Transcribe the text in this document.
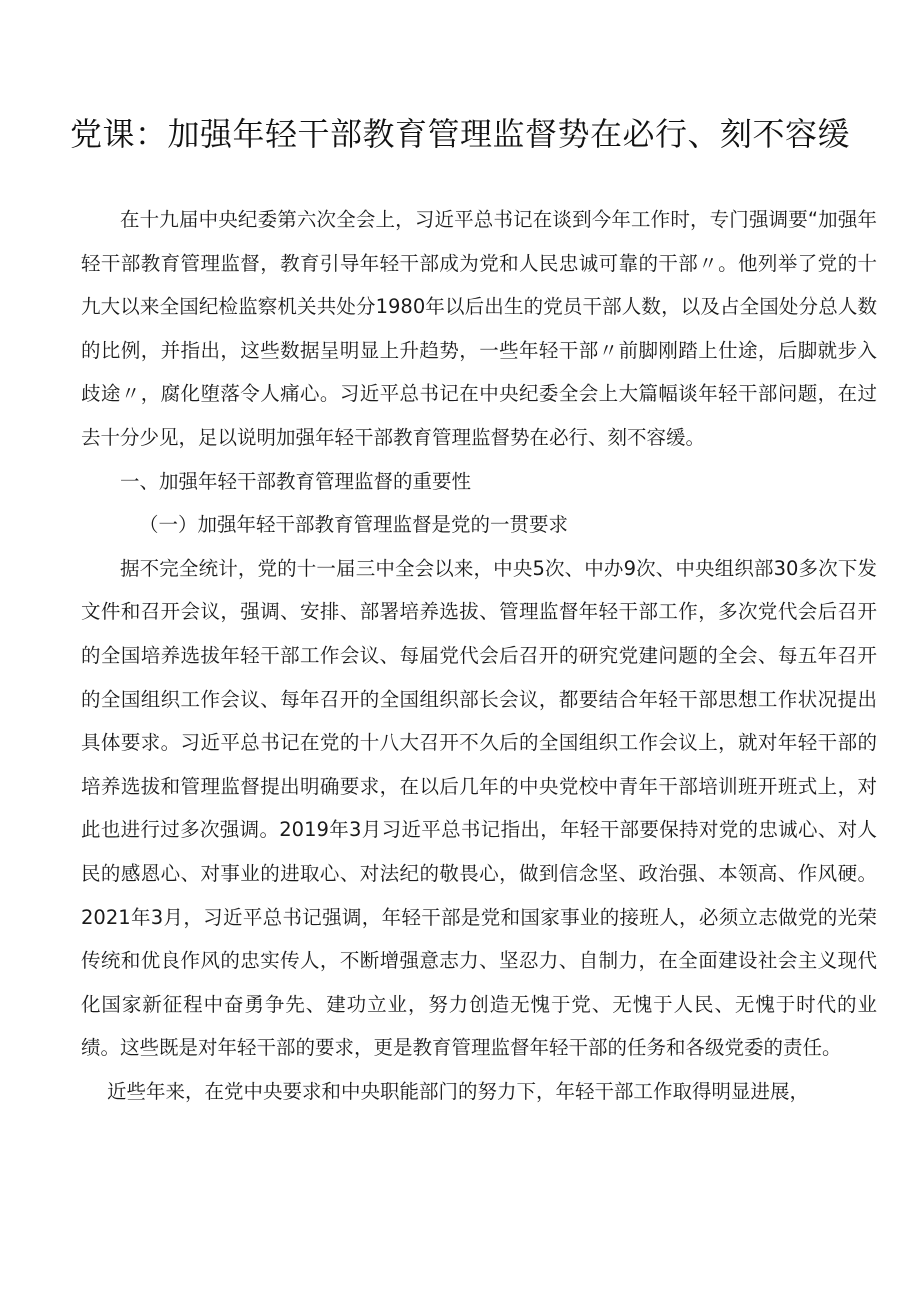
党课：加强年轻干部教育管理监督势在必行、刻不容缓

在十九届中央纪委第六次全会上，习近平总书记在谈到今年工作时，专门强调要“加强年轻干部教育管理监督，教育引导年轻干部成为党和人民忠诚可靠的干部〃。他列举了党的十九大以来全国纪检监察机关共处分1980年以后出生的党员干部人数，以及占全国处分总人数的比例，并指出，这些数据呈明显上升趋势，一些年轻干部〃前脚刚踏上仕途，后脚就步入歧途〃，腐化堕落令人痛心。习近平总书记在中央纪委全会上大篇幅谈年轻干部问题，在过去十分少见，足以说明加强年轻干部教育管理监督势在必行、刻不容缓。

一、加强年轻干部教育管理监督的重要性

（一）加强年轻干部教育管理监督是党的一贯要求

据不完全统计，党的十一届三中全会以来，中央5次、中办9次、中央组织部30多次下发文件和召开会议，强调、安排、部署培养选拔、管理监督年轻干部工作，多次党代会后召开的全国培养选拔年轻干部工作会议、每届党代会后召开的研究党建问题的全会、每五年召开的全国组织工作会议、每年召开的全国组织部长会议，都要结合年轻干部思想工作状况提出具体要求。习近平总书记在党的十八大召开不久后的全国组织工作会议上，就对年轻干部的培养选拔和管理监督提出明确要求，在以后几年的中央党校中青年干部培训班开班式上，对此也进行过多次强调。2019年3月习近平总书记指出，年轻干部要保持对党的忠诚心、对人民的感恩心、对事业的进取心、对法纪的敬畏心，做到信念坚、政治强、本领高、作风硬。2021年3月，习近平总书记强调，年轻干部是党和国家事业的接班人，必须立志做党的光荣传统和优良作风的忠实传人，不断增强意志力、坚忍力、自制力，在全面建设社会主义现代化国家新征程中奋勇争先、建功立业，努力创造无愧于党、无愧于人民、无愧于时代的业绩。这些既是对年轻干部的要求，更是教育管理监督年轻干部的任务和各级党委的责任。

近些年来，在党中央要求和中央职能部门的努力下，年轻干部工作取得明显进展，
